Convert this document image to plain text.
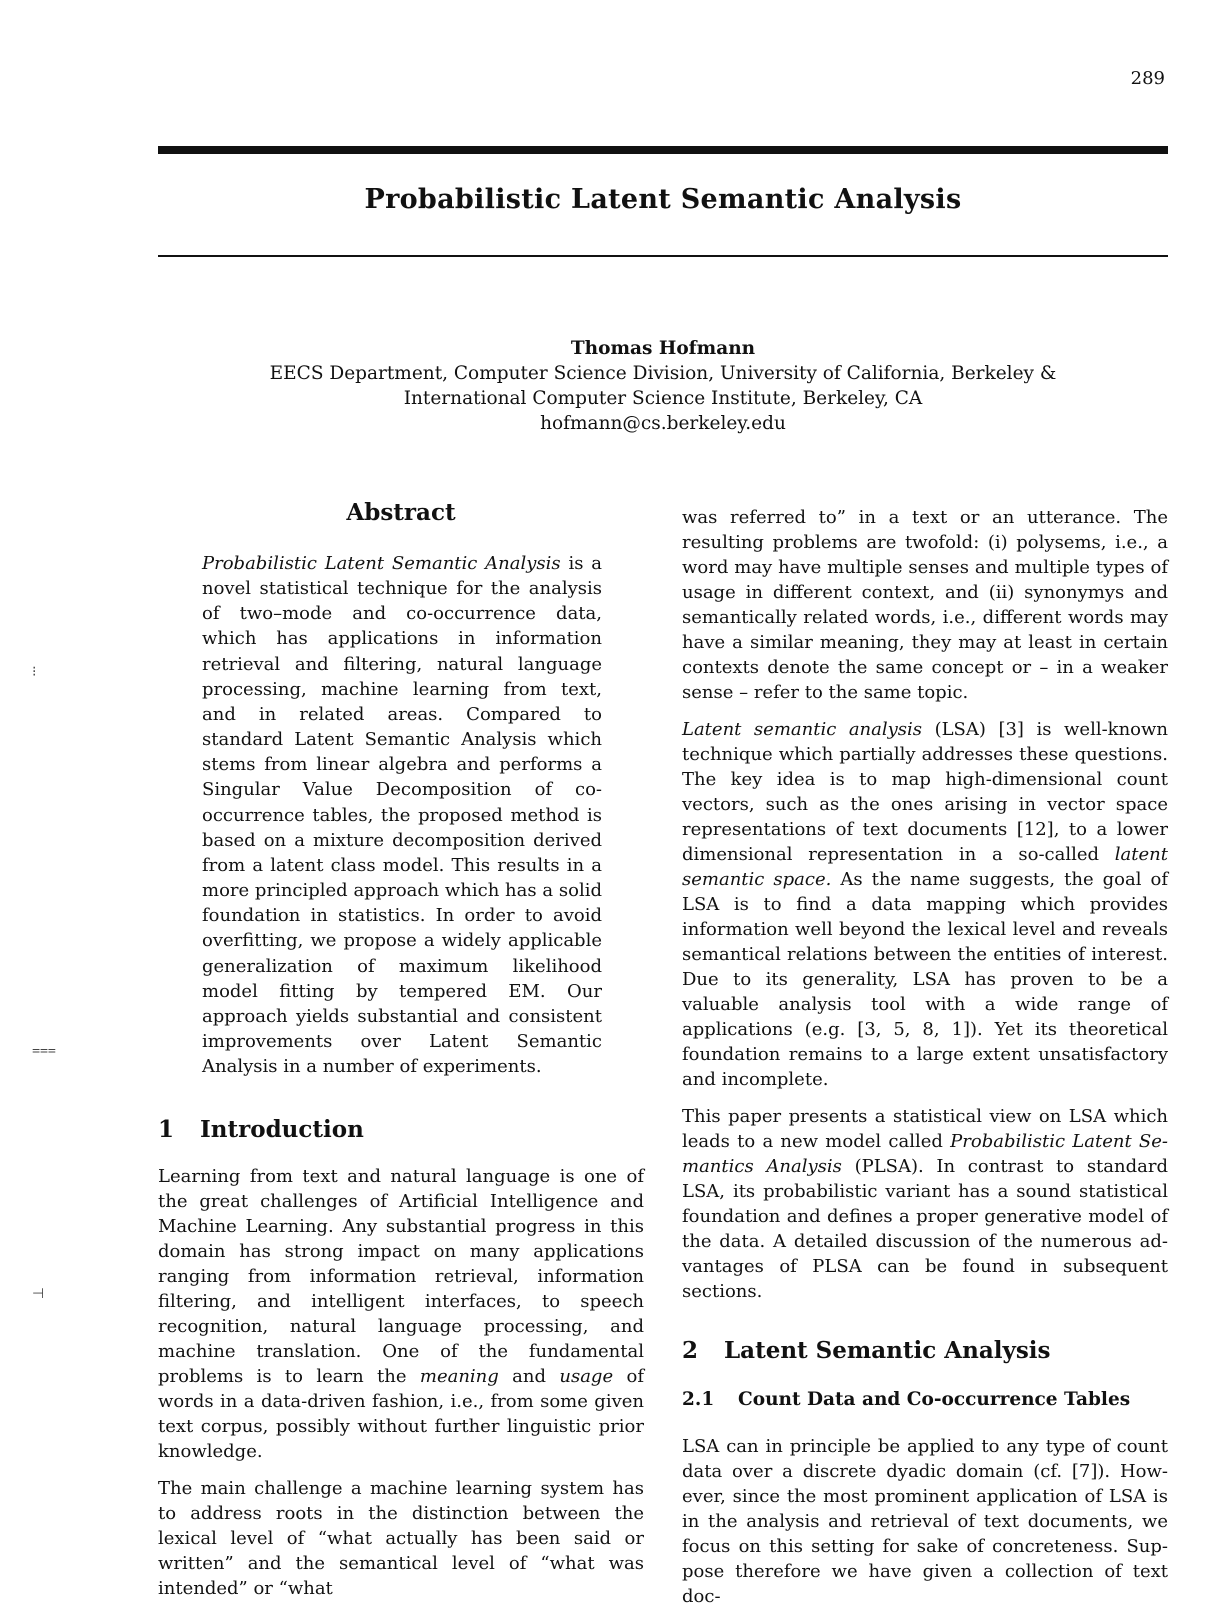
289
Probabilistic Latent Semantic Analysis
Thomas Hofmann
EECS Department, Computer Science Division, University of California, Berkeley &
International Computer Science Institute, Berkeley, CA
hofmann@cs.berkeley.edu
⁝
⩶
⊣
Abstract

Probabilistic Latent Semantic Analysis is a novel statistical technique for the analysis of two–mode and co-occurrence data, which has applications in information retrieval and filtering, natural language processing, machine learning from text, and in related areas. Compared to standard Latent Semantic Analysis which stems from linear algebra and performs a Singular Value Decomposition of co-occurrence tables, the proposed method is based on a mixture decomposition derived from a latent class model. This results in a more principled approach which has a solid foundation in statistics. In order to avoid overfitting, we propose a widely applicable generalization of maximum likelihood model fitting by tempered EM. Our approach yields substantial and consistent improvements over Latent Semantic Analysis in a number of experiments.

1	Introduction

Learning from text and natural language is one of the great challenges of Artificial Intelligence and Machine Learning. Any substantial progress in this domain has strong impact on many applications ranging from information retrieval, information filtering, and intelligent interfaces, to speech recognition, natural language processing, and machine translation. One of the fundamental problems is to learn the meaning and usage of words in a data-driven fashion, i.e., from some given text corpus, possibly without further linguistic prior knowledge.

The main challenge a machine learning system has to address roots in the distinction between the lexical level of “what actually has been said or written” and the semantical level of “what was intended” or “what

was referred to” in a text or an utterance. The resulting problems are twofold: (i) polysems, i.e., a word may have multiple senses and multiple types of usage in different context, and (ii) synonymys and semantically related words, i.e., different words may have a similar meaning, they may at least in certain contexts denote the same concept or – in a weaker sense – refer to the same topic.

Latent semantic analysis (LSA) [3] is well-known technique which partially addresses these questions. The key idea is to map high-dimensional count vectors, such as the ones arising in vector space representations of text documents [12], to a lower dimensional representation in a so-called latent semantic space. As the name suggests, the goal of LSA is to find a data mapping which provides information well beyond the lexical level and reveals semantical relations between the entities of interest. Due to its generality, LSA has proven to be a valuable analysis tool with a wide range of applications (e.g. [3, 5, 8, 1]). Yet its theoretical foundation remains to a large extent unsatisfactory and incomplete.

This paper presents a statistical view on LSA which leads to a new model called Probabilistic Latent Semantics Analysis (PLSA). In contrast to standard LSA, its probabilistic variant has a sound statistical foundation and defines a proper generative model of the data. A detailed discussion of the numerous advantages of PLSA can be found in subsequent sections.

2	Latent Semantic Analysis
2.1	Count Data and Co-occurrence Tables

LSA can in principle be applied to any type of count data over a discrete dyadic domain (cf. [7]). However, since the most prominent application of LSA is in the analysis and retrieval of text documents, we focus on this setting for sake of concreteness. Suppose therefore we have given a collection of text doc-
